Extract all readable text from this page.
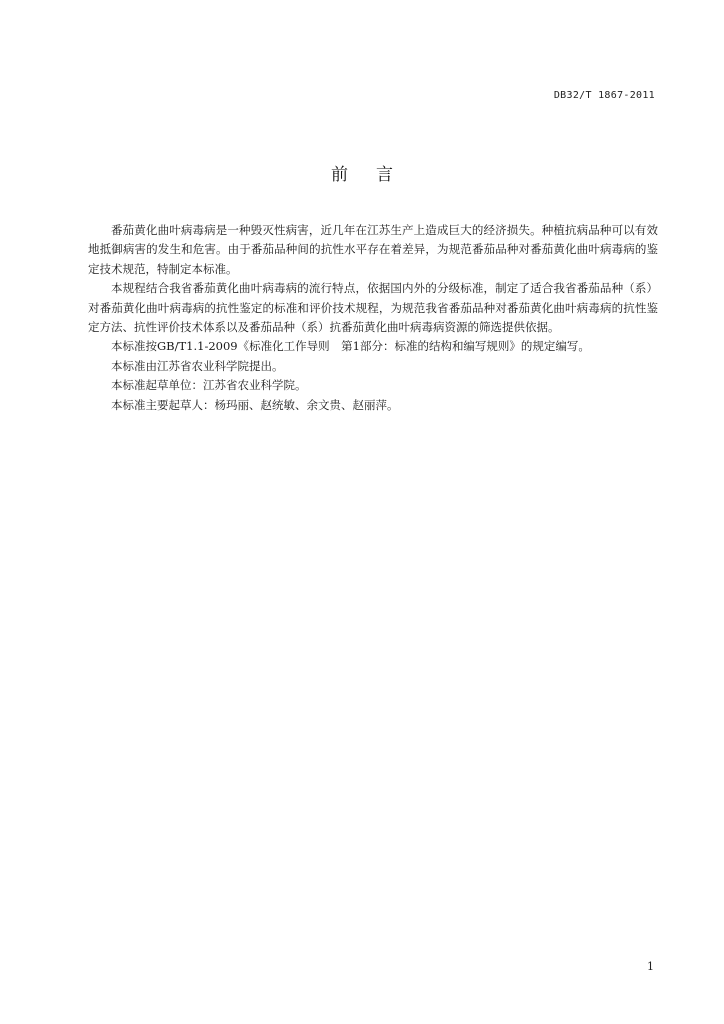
DB32/T 1867-2011
前 言

番茄黄化曲叶病毒病是一种毁灭性病害，近几年在江苏生产上造成巨大的经济损失。种植抗病品种可以有效地抵御病害的发生和危害。由于番茄品种间的抗性水平存在着差异，为规范番茄品种对番茄黄化曲叶病毒病的鉴定技术规范，特制定本标准。

本规程结合我省番茄黄化曲叶病毒病的流行特点，依据国内外的分级标准，制定了适合我省番茄品种（系）对番茄黄化曲叶病毒病的抗性鉴定的标准和评价技术规程，为规范我省番茄品种对番茄黄化曲叶病毒病的抗性鉴定方法、抗性评价技术体系以及番茄品种（系）抗番茄黄化曲叶病毒病资源的筛选提供依据。

本标准按GB/T1.1-2009《标准化工作导则　第1部分：标准的结构和编写规则》的规定编写。

本标准由江苏省农业科学院提出。

本标准起草单位：江苏省农业科学院。

本标准主要起草人：杨玛丽、赵统敏、余文贵、赵丽萍。

1
